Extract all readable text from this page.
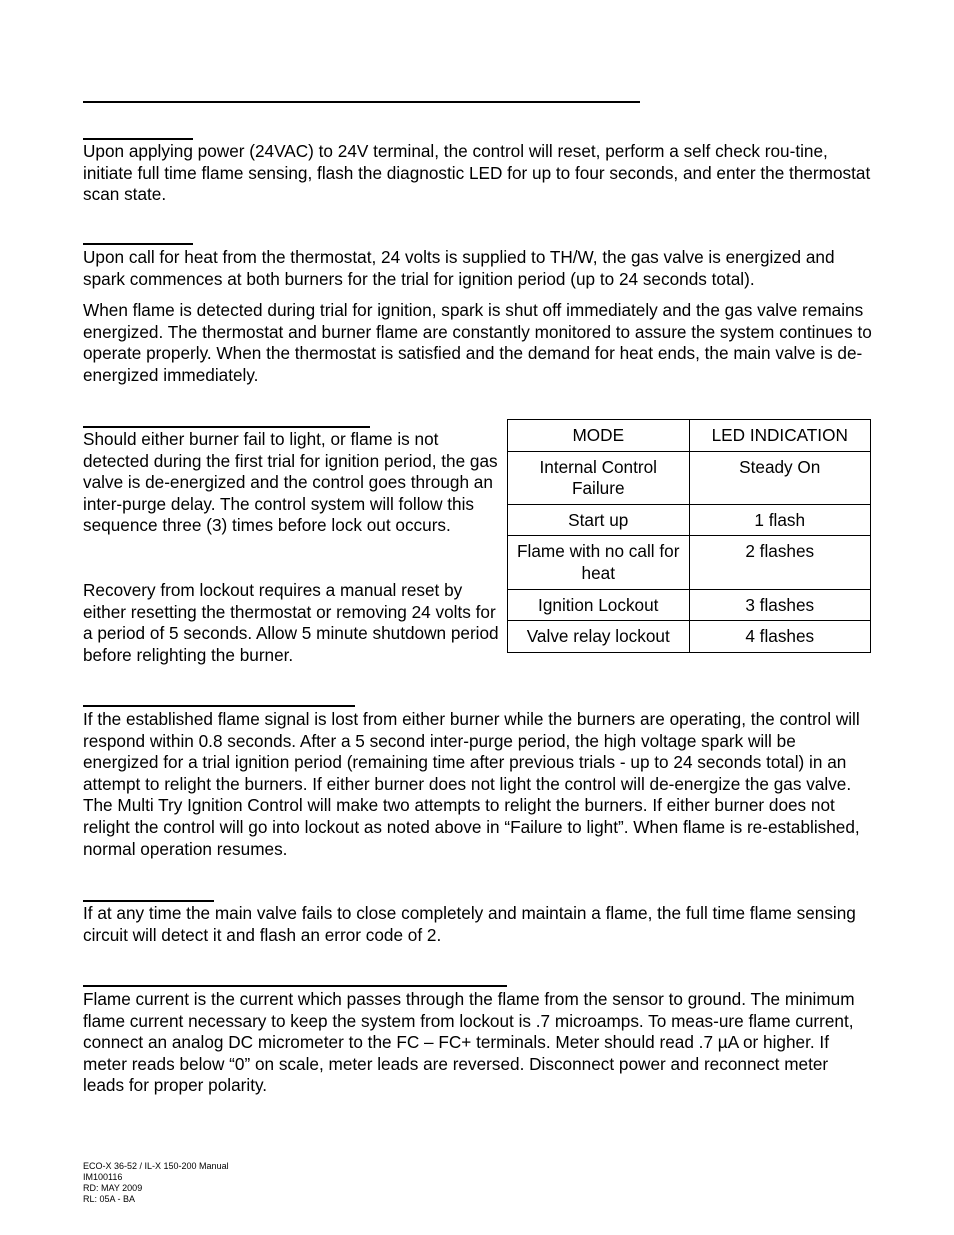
Upon applying power (24VAC) to 24V terminal, the control will reset, perform a self check rou-tine, initiate full time flame sensing, flash the diagnostic LED for up to four seconds, and enter the thermostat scan state.

Upon call for heat from the thermostat, 24 volts is supplied to TH/W, the gas valve is energized and spark commences at both burners for the trial for ignition period (up to 24 seconds total).

When flame is detected during trial for ignition, spark is shut off immediately and the gas valve remains energized. The thermostat and burner flame are constantly monitored to assure the system continues to operate properly. When the thermostat is satisfied and the demand for heat ends, the main valve is de-energized immediately.

Should either burner fail to light, or flame is not detected during the first trial for ignition period, the gas valve is de-energized and the control goes through an inter-purge delay. The control system will follow this sequence three (3) times before lock out occurs.

Recovery from lockout requires a manual reset by either resetting the thermostat or removing 24 volts for a period of 5 seconds. Allow 5 minute shutdown period before relighting the burner.

MODE	LED INDICATION
Internal Control Failure	Steady On
Start up	1 flash
Flame with no call for heat	2 flashes
Ignition Lockout	3 flashes
Valve relay lockout	4 flashes

If the established flame signal is lost from either burner while the burners are operating, the control will respond within 0.8 seconds. After a 5 second inter-purge period, the high voltage spark will be energized for a trial ignition period (remaining time after previous trials - up to 24 seconds total) in an attempt to relight the burners. If either burner does not light the control will de-energize the gas valve. The Multi Try Ignition Control will make two attempts to relight the burners. If either burner does not relight the control will go into lockout as noted above in “Failure to light”. When flame is re-established, normal operation resumes.

If at any time the main valve fails to close completely and maintain a flame, the full time flame sensing circuit will detect it and flash an error code of 2.

Flame current is the current which passes through the flame from the sensor to ground. The minimum flame current necessary to keep the system from lockout is .7 microamps. To meas-ure flame current, connect an analog DC micrometer to the FC – FC+ terminals. Meter should read .7 µA or higher. If meter reads below “0” on scale, meter leads are reversed. Disconnect power and reconnect meter leads for proper polarity.

ECO-X 36-52 / IL-X 150-200 Manual
IM100116
RD: MAY 2009
RL: 05A - BA
